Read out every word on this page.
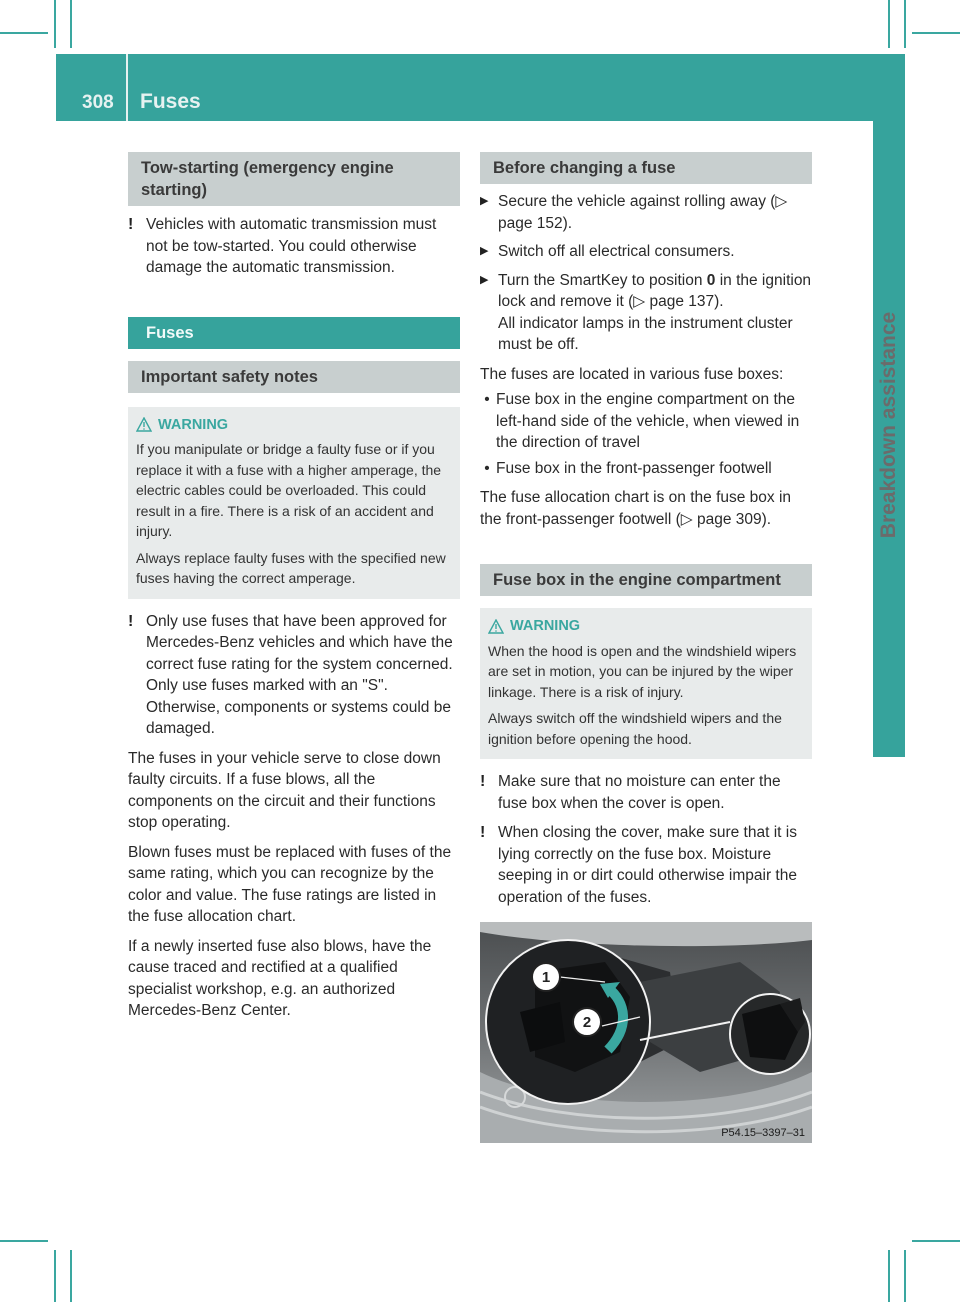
308 Fuses
Breakdown assistance
Tow-starting (emergency engine starting)
! Vehicles with automatic transmission must not be tow-started. You could otherwise damage the automatic transmission.
Fuses
Important safety notes
WARNING

If you manipulate or bridge a faulty fuse or if you replace it with a fuse with a higher amperage, the electric cables could be overloaded. This could result in a fire. There is a risk of an accident and injury.

Always replace faulty fuses with the specified new fuses having the correct amperage.

! Only use fuses that have been approved for Mercedes-Benz vehicles and which have the correct fuse rating for the system concerned. Only use fuses marked with an "S". Otherwise, components or systems could be damaged.

The fuses in your vehicle serve to close down faulty circuits. If a fuse blows, all the components on the circuit and their functions stop operating.

Blown fuses must be replaced with fuses of the same rating, which you can recognize by the color and value. The fuse ratings are listed in the fuse allocation chart.

If a newly inserted fuse also blows, have the cause traced and rectified at a qualified specialist workshop, e.g. an authorized Mercedes-Benz Center.

Before changing a fuse
▶ Secure the vehicle against rolling away (▷ page 152).
▶ Switch off all electrical consumers.
▶ Turn the SmartKey to position 0 in the ignition lock and remove it (▷ page 137).
All indicator lamps in the instrument cluster must be off.

The fuses are located in various fuse boxes:

• Fuse box in the engine compartment on the left-hand side of the vehicle, when viewed in the direction of travel
• Fuse box in the front-passenger footwell

The fuse allocation chart is on the fuse box in the front-passenger footwell (▷ page 309).

Fuse box in the engine compartment
WARNING

When the hood is open and the windshield wipers are set in motion, you can be injured by the wiper linkage. There is a risk of injury.

Always switch off the windshield wipers and the ignition before opening the hood.

! Make sure that no moisture can enter the fuse box when the cover is open.
! When closing the cover, make sure that it is lying correctly on the fuse box. Moisture seeping in or dirt could otherwise impair the operation of the fuses.
1
2
P54.15–3397–31
